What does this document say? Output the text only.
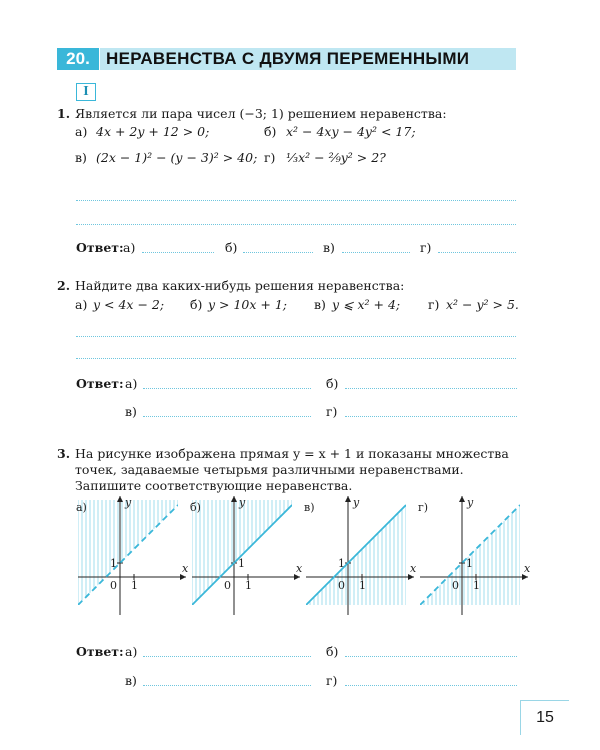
20. НЕРАВЕНСТВА С ДВУМЯ ПЕРЕМЕННЫМИ
I
1. Является ли пара чисел (−3; 1) решением неравенства:
а) 4x + 2y + 12 > 0;	б) x² − 4xy − 4y² < 17;
в) (2x − 1)² − (y − 3)² > 40; г) ⅓x² − ²⁄₉y² > 2?
Ответ: а)	б)	в)	г)
2. Найдите два каких-нибудь решения неравенства:
а) y < 4x − 2; б) y > 10x + 1; в) y ⩽ x² + 4; г) x² − y² > 5.
Ответ: а)	б)
в)	г)
3. На рисунке изображена прямая y = x + 1 и показаны множества
точек, задаваемые четырьмя различными неравенствами.
Запишите соответствующие неравенства.
а)	y
x
0 1
1
б)	y
x
0 1
1
в)	y
x
0 1
1
г)	y
x
0 1
1
Ответ: а)	б)
в)	г)
15
